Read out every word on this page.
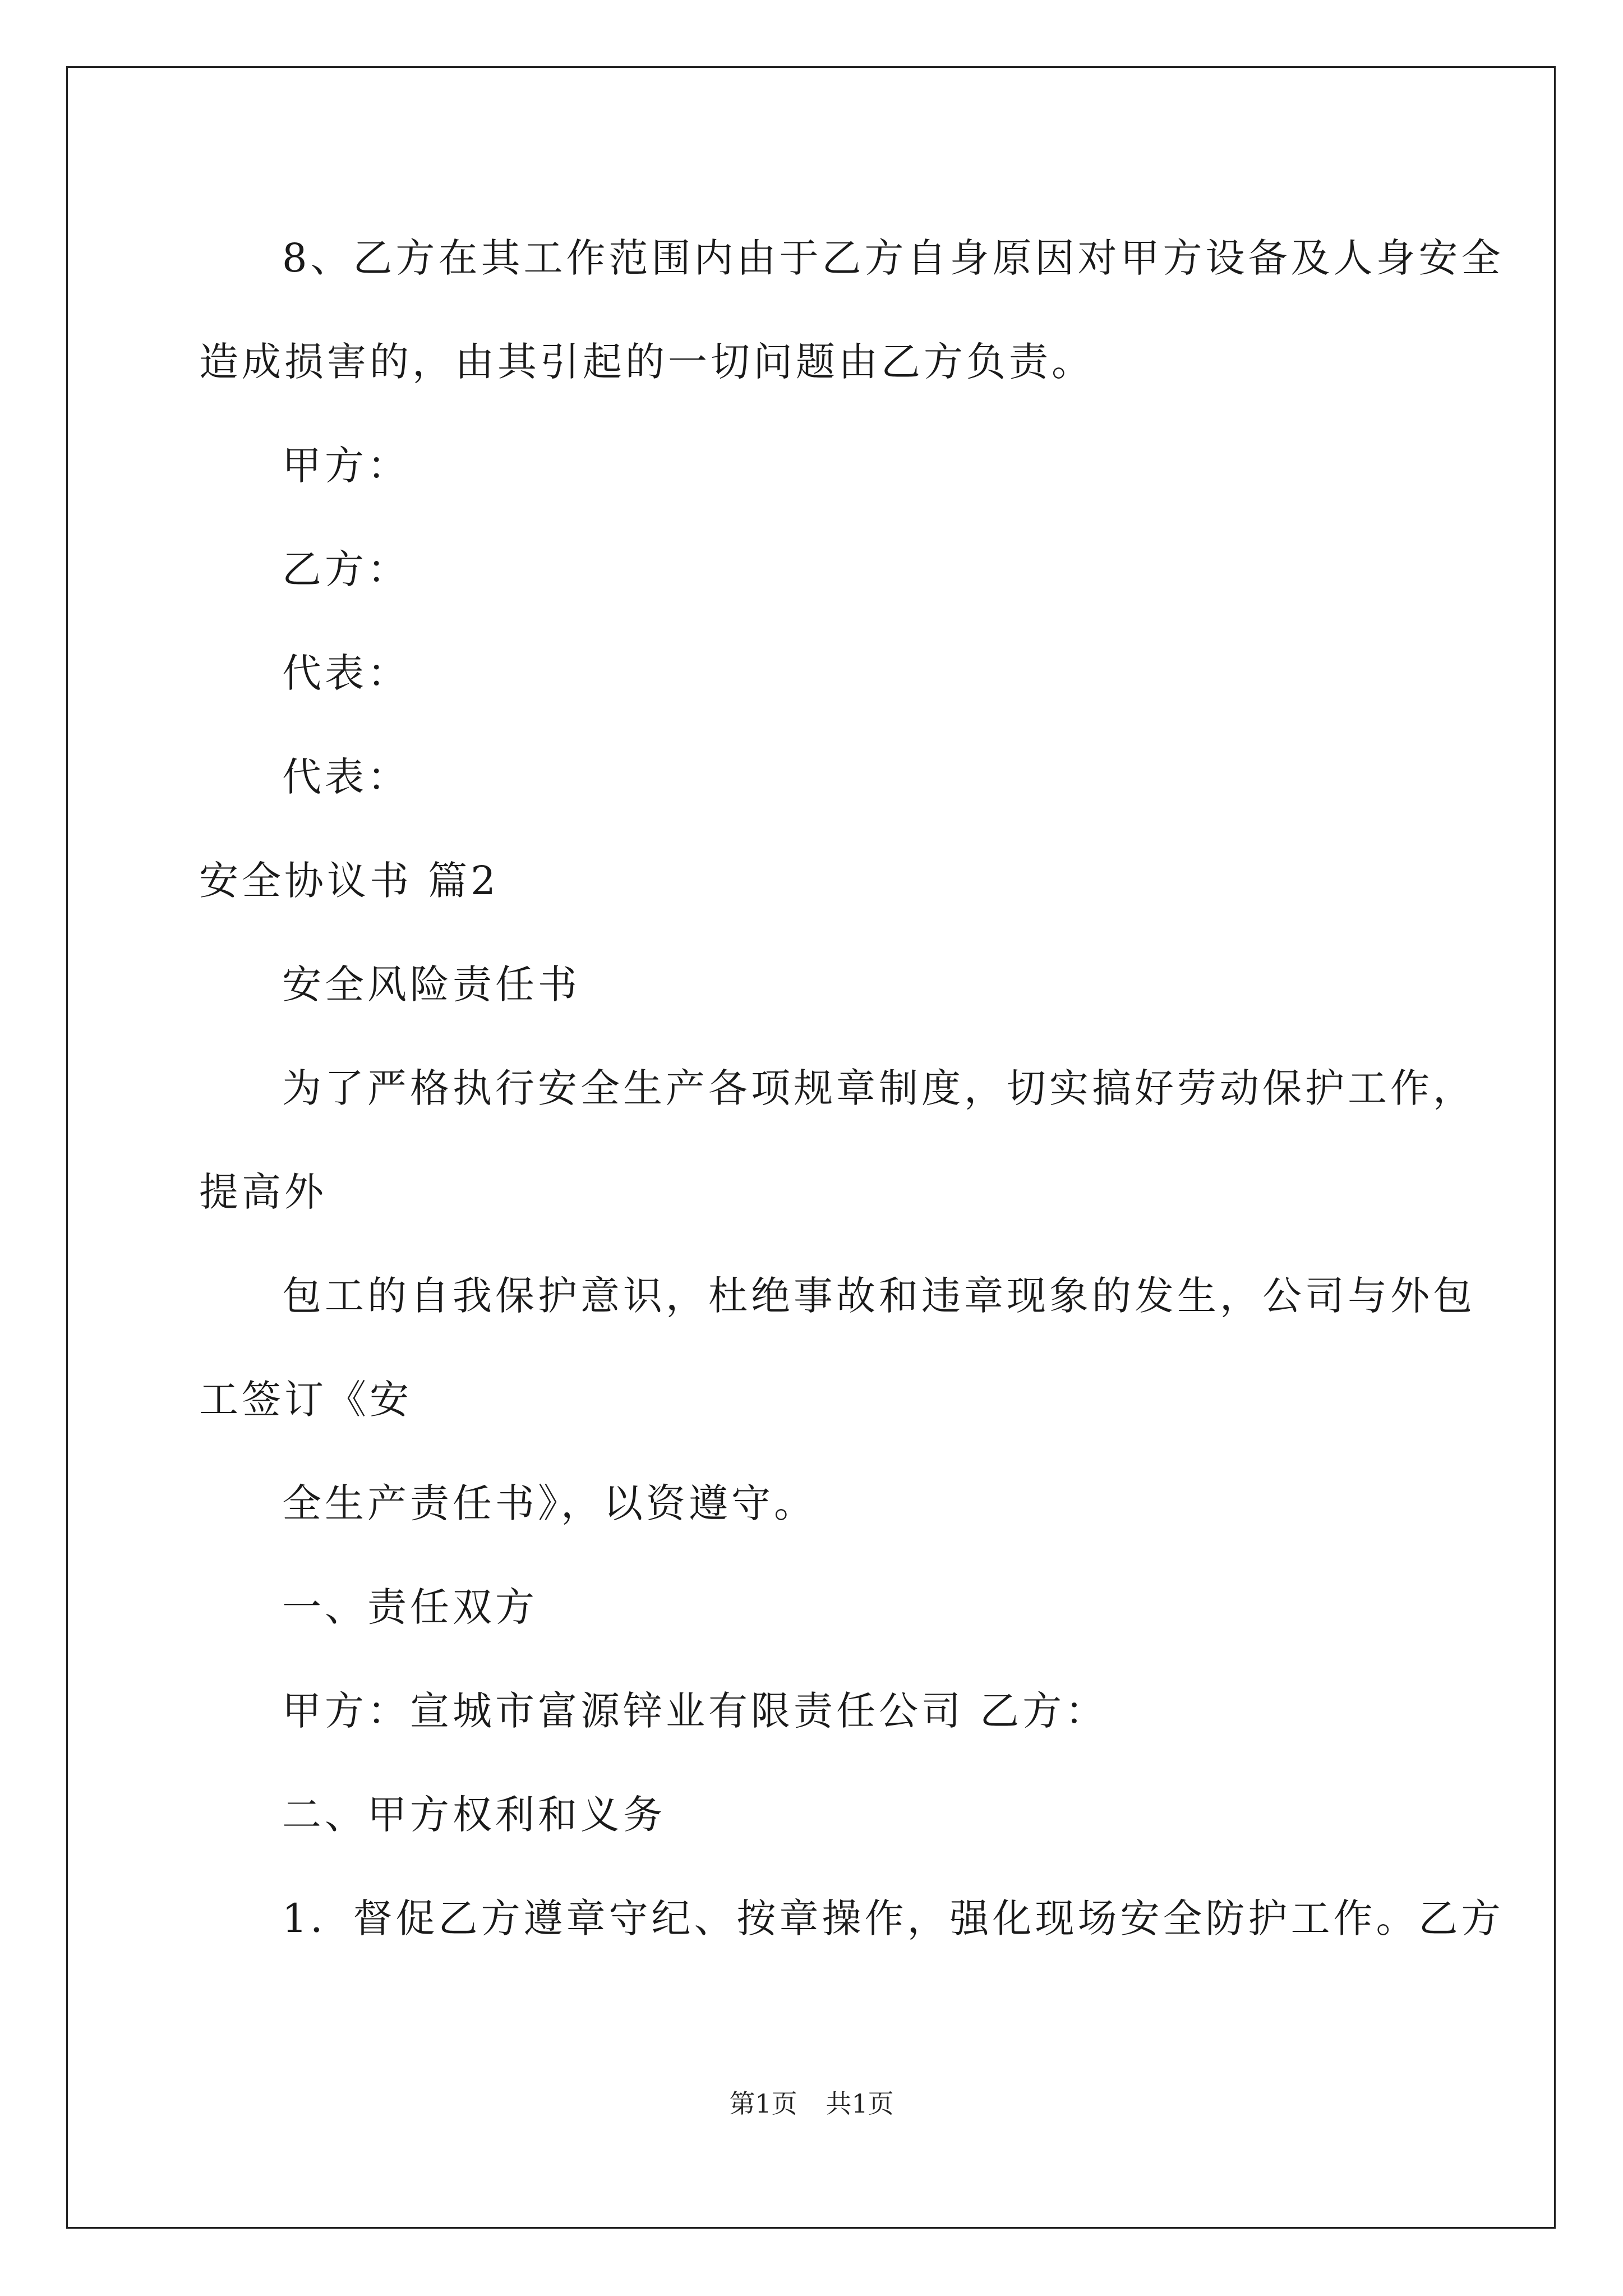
8、乙方在其工作范围内由于乙方自身原因对甲方设备及人身安全
造成损害的，由其引起的一切问题由乙方负责。
甲方：
乙方：
代表：
代表：
安全协议书 篇2
安全风险责任书
为了严格执行安全生产各项规章制度，切实搞好劳动保护工作，
提高外
包工的自我保护意识，杜绝事故和违章现象的发生，公司与外包
工签订《安
全生产责任书》，以资遵守。
一、责任双方
甲方：宣城市富源锌业有限责任公司 乙方：
二、甲方权利和义务
1．督促乙方遵章守纪、按章操作，强化现场安全防护工作。乙方
第1页 共1页
